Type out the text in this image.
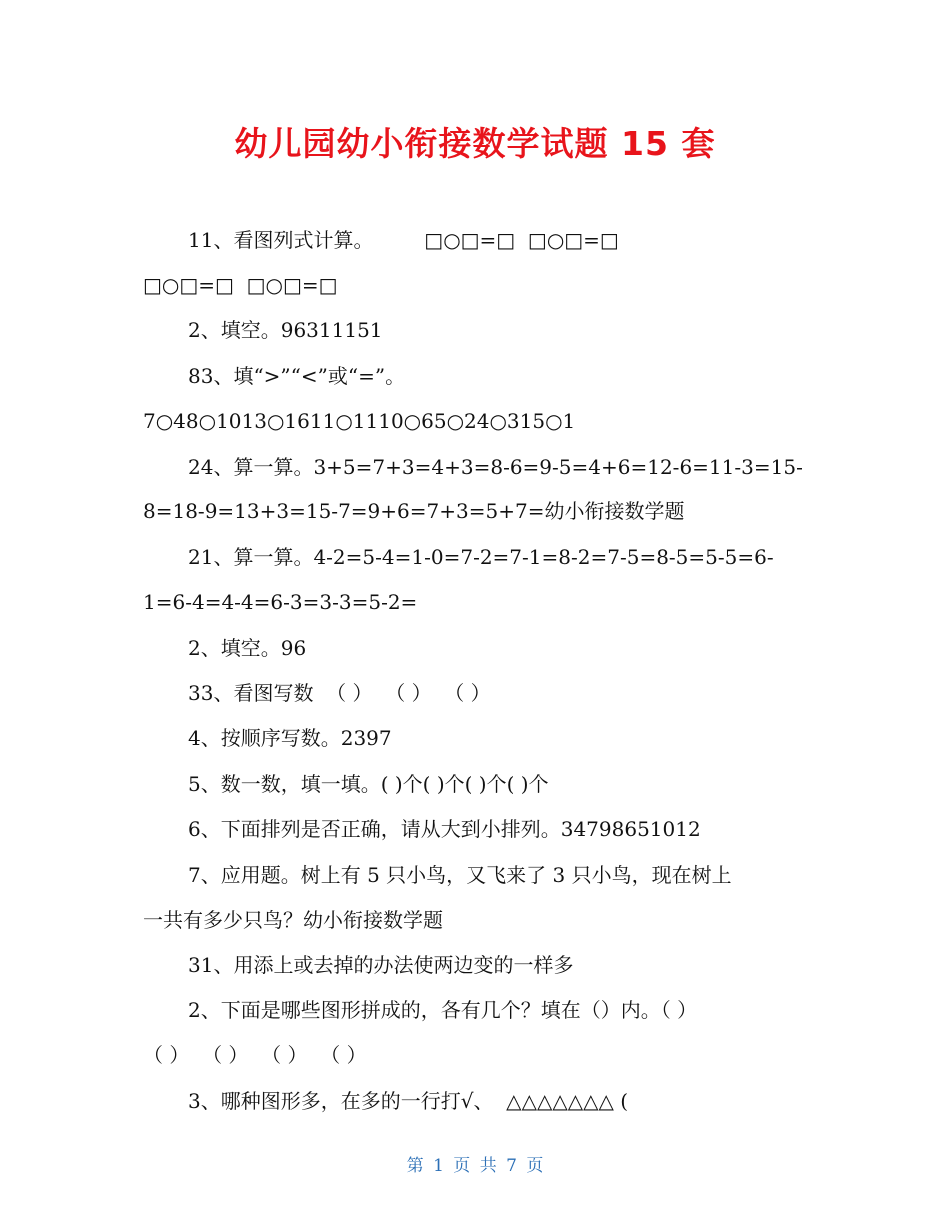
幼儿园幼小衔接数学试题 15 套
11、看图列式计算。        □○□=□  □○□=□
□○□=□  □○□=□
2、填空。96311151
83、填“>”“<”或“=”。
7○48○1013○1611○1110○65○24○315○1
24、算一算。3+5=7+3=4+3=8-6=9-5=4+6=12-6=11-3=15-
8=18-9=13+3=15-7=9+6=7+3=5+7=幼小衔接数学题
21、算一算。4-2=5-4=1-0=7-2=7-1=8-2=7-5=8-5=5-5=6-
1=6-4=4-4=6-3=3-3=5-2=
2、填空。96
33、看图写数  （ ）  （ ）  （ ）
4、按顺序写数。2397
5、数一数，填一填。( )个( )个( )个( )个
6、下面排列是否正确，请从大到小排列。34798651012
7、应用题。树上有 5 只小鸟，又飞来了 3 只小鸟，现在树上
一共有多少只鸟？幼小衔接数学题
31、用添上或去掉的办法使两边变的一样多
2、下面是哪些图形拼成的，各有几个？填在（）内。（ ）
（ ）  （ ）  （ ）  （ ）
3、哪种图形多，在多的一行打√、  △△△△△△△ (
第 1 页 共 7 页
